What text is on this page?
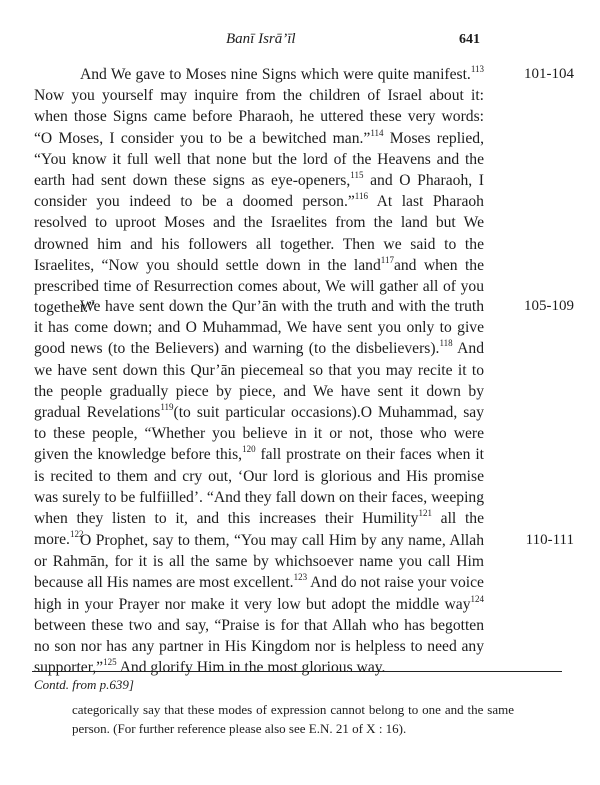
Banī Isrā’īl	641

And We gave to Moses nine Signs which were quite manifest.$^{113}$ Now you yourself may inquire from the children of Israel about it: when those Signs came before Pharaoh, he uttered these very words: “O Moses, I consider you to be a bewitched man.”$^{114}$ Moses replied, “You know it full well that none but the lord of the Heavens and the earth had sent down these signs as eye-openers,$^{115}$ and O Pharaoh, I consider you indeed to be a doomed person.”$^{116}$ At last Pharaoh resolved to uproot Moses and the Israelites from the land but We drowned him and his followers all together. Then we said to the Israelites, “Now you should settle down in the land$^{117}$and when the prescribed time of Resurrection comes about, We will gather all of you together.”

101-104

We have sent down the Qur’ān with the truth and with the truth it has come down; and O Muhammad, We have sent you only to give good news (to the Believers) and warning (to the disbelievers).$^{118}$ And we have sent down this Qur’ān piecemeal so that you may recite it to the people gradually piece by piece, and We have sent it down by gradual Revelations$^{119}$(to suit particular occasions).O Muhammad, say to these people, “Whether you believe in it or not, those who were given the knowledge before this,$^{120}$ fall prostrate on their faces when it is recited to them and cry out, ‘Our lord is glorious and His promise was surely to be fulfiilled’. “And they fall down on their faces, weeping when they listen to it, and this increases their Humility$^{121}$ all the more.$^{122}$

105-109

O Prophet, say to them, “You may call Him by any name, Allah or Rahmān, for it is all the same by whichsoever name you call Him because all His names are most excellent.$^{123}$ And do not raise your voice high in your Prayer nor make it very low but adopt the middle way$^{124}$ between these two and say, “Praise is for that Allah who has begotten no son nor has any partner in His Kingdom nor is helpless to need any supporter,”$^{125}$ And glorify Him in the most glorious way.

110-111
Contd. from p.639]

categorically say that these modes of expression cannot belong to one and the same person. (For further reference please also see E.N. 21 of X : 16).
